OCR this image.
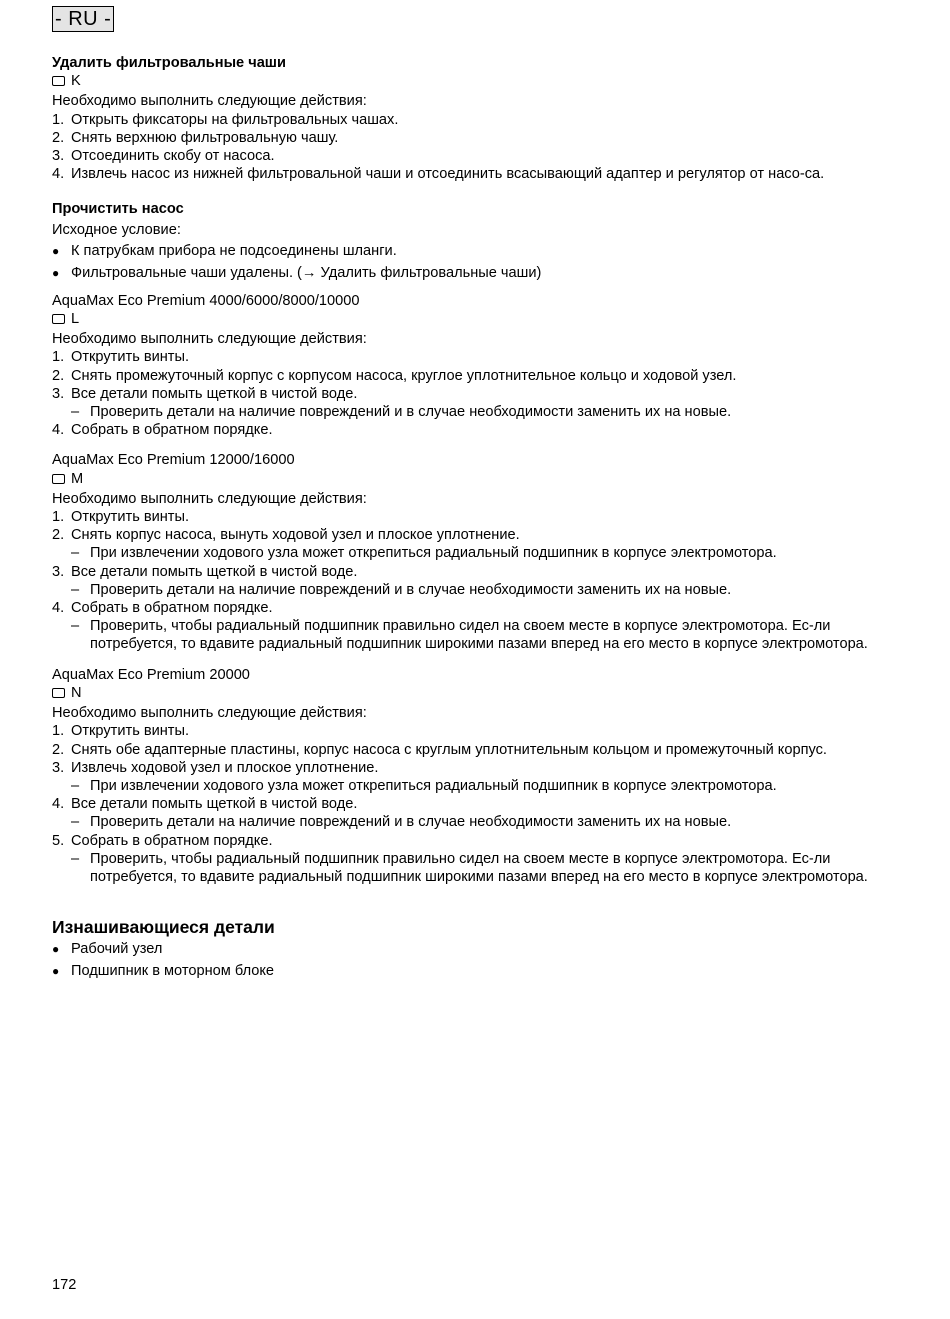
- RU -

Удалить фильтровальные чаши

K

Необходимо выполнить следующие действия:

1. Открыть фиксаторы на фильтровальных чашах.
2. Снять верхнюю фильтровальную чашу.
3. Отсоединить скобу от насоса.
4. Извлечь насос из нижней фильтровальной чаши и отсоединить всасывающий адаптер и регулятор от насо-са.

Прочистить насос

Исходное условие:

● К патрубкам прибора не подсоединены шланги.
● Фильтровальные чаши удалены. (→ Удалить фильтровальные чаши)

AquaMax Eco Premium 4000/6000/8000/10000

L

Необходимо выполнить следующие действия:

1. Открутить винты.
2. Снять промежуточный корпус с корпусом насоса, круглое уплотнительное кольцо и ходовой узел.
3. Все детали помыть щеткой в чистой воде.
– Проверить детали на наличие повреждений и в случае необходимости заменить их на новые.
4. Собрать в обратном порядке.

AquaMax Eco Premium 12000/16000

M

Необходимо выполнить следующие действия:

1. Открутить винты.
2. Снять корпус насоса, вынуть ходовой узел и плоское уплотнение.
– При извлечении ходового узла может открепиться радиальный подшипник в корпусе электромотора.
3. Все детали помыть щеткой в чистой воде.
– Проверить детали на наличие повреждений и в случае необходимости заменить их на новые.
4. Собрать в обратном порядке.
– Проверить, чтобы радиальный подшипник правильно сидел на своем месте в корпусе электромотора. Ес-ли потребуется, то вдавите радиальный подшипник широкими пазами вперед на его место в корпусе электромотора.

AquaMax Eco Premium 20000

N

Необходимо выполнить следующие действия:

1. Открутить винты.
2. Снять обе адаптерные пластины, корпус насоса с круглым уплотнительным кольцом и промежуточный корпус.
3. Извлечь ходовой узел и плоское уплотнение.
– При извлечении ходового узла может открепиться радиальный подшипник в корпусе электромотора.
4. Все детали помыть щеткой в чистой воде.
– Проверить детали на наличие повреждений и в случае необходимости заменить их на новые.
5. Собрать в обратном порядке.
– Проверить, чтобы радиальный подшипник правильно сидел на своем месте в корпусе электромотора. Ес-ли потребуется, то вдавите радиальный подшипник широкими пазами вперед на его место в корпусе электромотора.

Изнашивающиеся детали

● Рабочий узел
● Подшипник в моторном блоке
172
